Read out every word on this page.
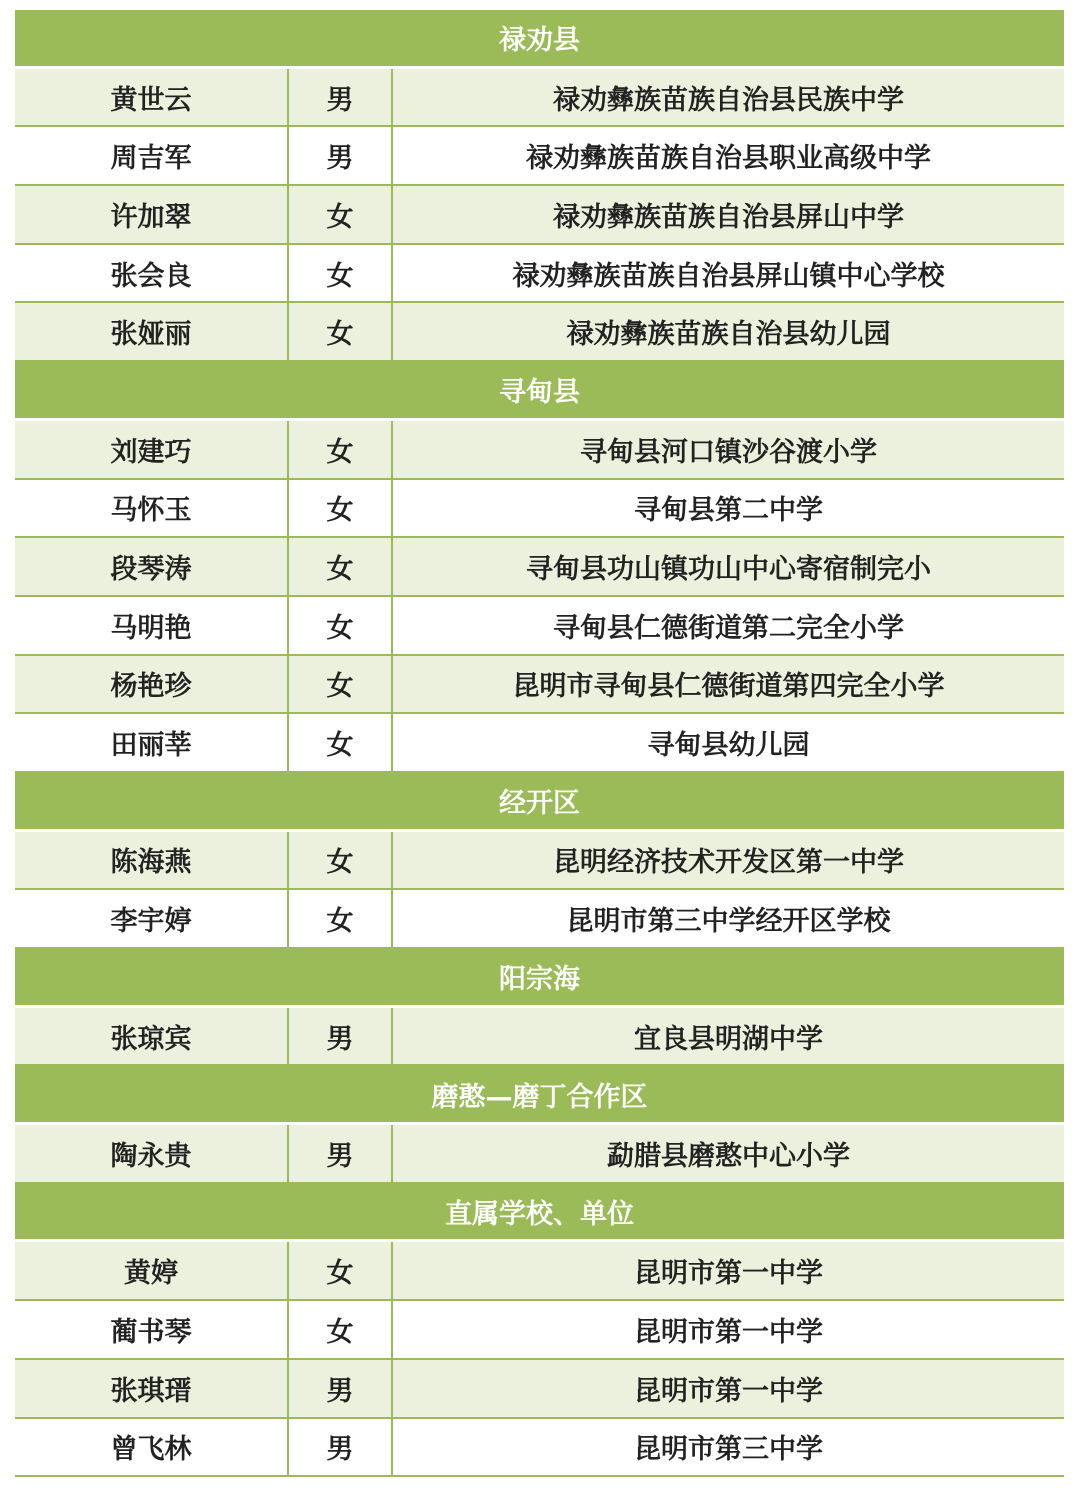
禄劝县
黄世云	男	禄劝彝族苗族自治县民族中学
周吉军	男	禄劝彝族苗族自治县职业高级中学
许加翠	女	禄劝彝族苗族自治县屏山中学
张会良	女	禄劝彝族苗族自治县屏山镇中心学校
张娅丽	女	禄劝彝族苗族自治县幼儿园
寻甸县
刘建巧	女	寻甸县河口镇沙谷渡小学
马怀玉	女	寻甸县第二中学
段琴涛	女	寻甸县功山镇功山中心寄宿制完小
马明艳	女	寻甸县仁德街道第二完全小学
杨艳珍	女	昆明市寻甸县仁德街道第四完全小学
田丽莘	女	寻甸县幼儿园
经开区
陈海燕	女	昆明经济技术开发区第一中学
李宇婷	女	昆明市第三中学经开区学校
阳宗海
张琼宾	男	宜良县明湖中学
磨憨—磨丁合作区
陶永贵	男	勐腊县磨憨中心小学
直属学校、单位
黄婷	女	昆明市第一中学
蔺书琴	女	昆明市第一中学
张琪瑨	男	昆明市第一中学
曾飞林	男	昆明市第三中学
